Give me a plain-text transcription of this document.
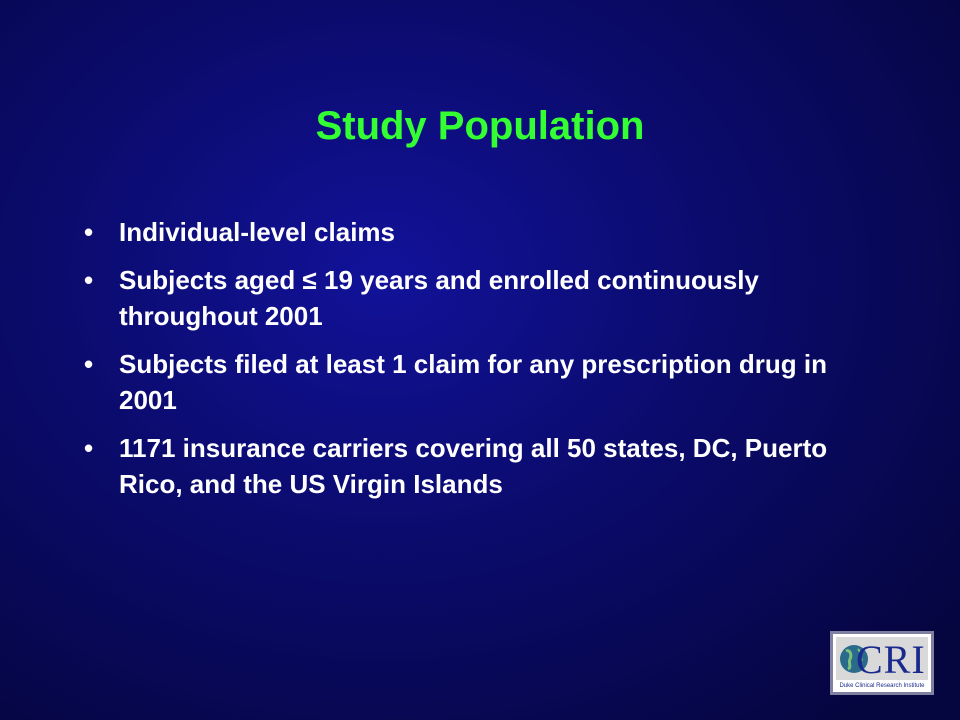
Study Population
• Individual-level claims
• Subjects aged ≤ 19 years and enrolled continuously throughout 2001
• Subjects filed at least 1 claim for any prescription drug in 2001
• 1171 insurance carriers covering all 50 states, DC, Puerto Rico, and the US Virgin Islands
CRI
Duke Clinical Research Institute
